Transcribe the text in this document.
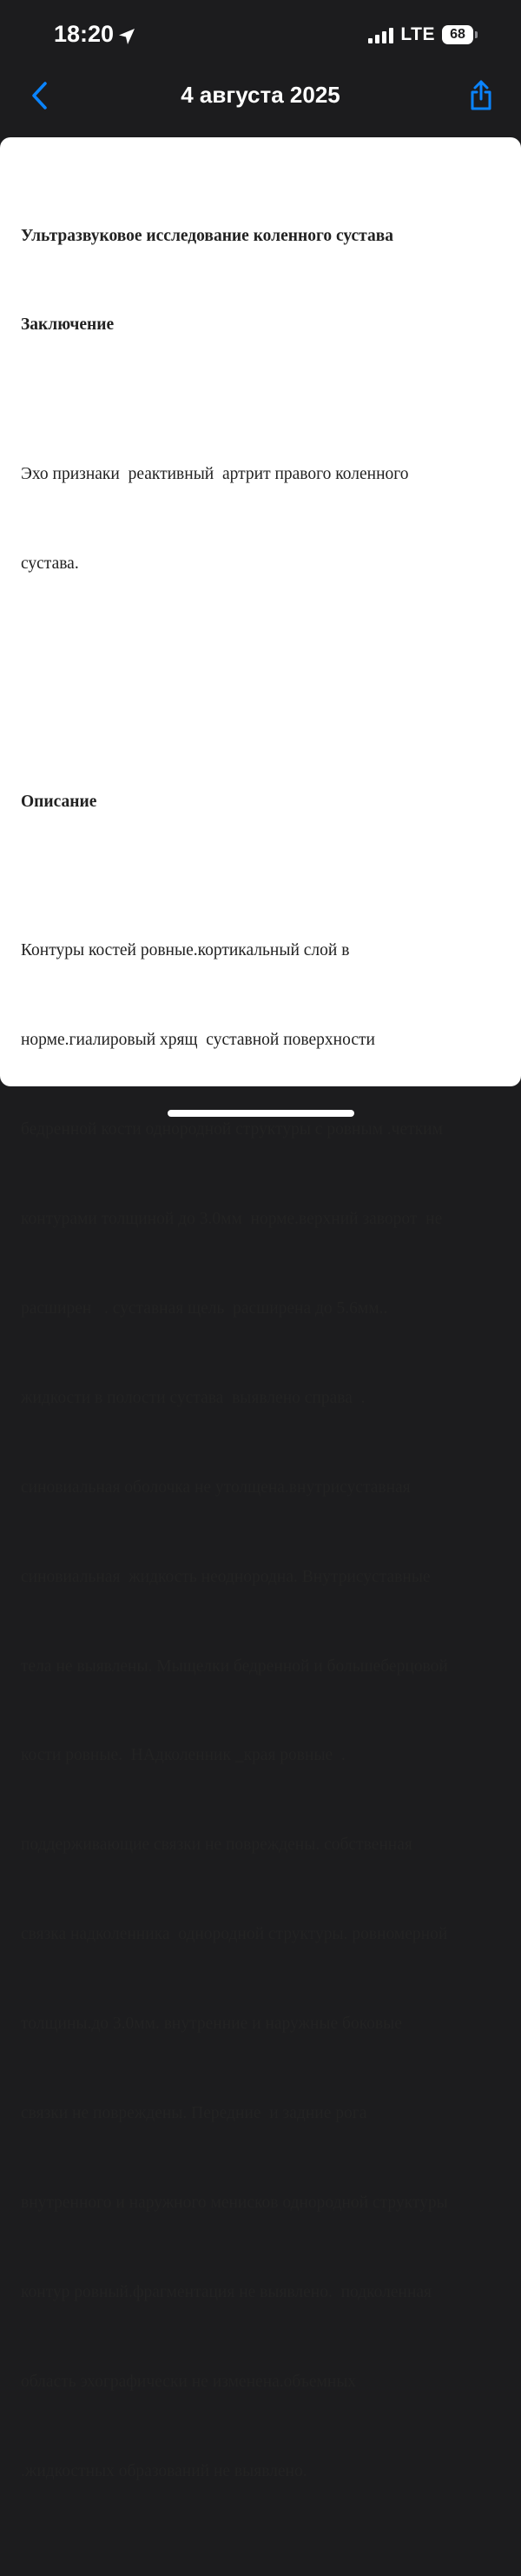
18:20	LTE	68
4 августа 2025

Ультразвуковое исследование коленного сустава

Заключение

Эхо признаки  реактивный  артрит правого коленного

сустава.

Описание

Контуры костей ровные.кортикальный слой в

норме.гиалировый хрящ  суставной поверхности

бедренной кости однородной структуры с ровным .четким

контурами толщиной до 3.0мм  норме.верхний заворот  не

расширен   . суставная щель  расширена до 5.6мм..

жидкости в полости сустава  выявлено справа  .

синовиальная оболочка не утолщена.внутрисуставная

синовиальная  жидкость неоднородна. Внутрисуставные

тела не выявлены. Мыщелки бедренной и большеберцовой

кости ровные.  НАдколенник _края ровные  .

поддерживающие связки не повреждены. собственная

связка надколенника  однородной структуры. ровномерной

толщины.до 3.0мм. внутренние и наружные боковые

связки не повреждены. Передние  и задние рога

внутренного и наружного менисков однородной структуры

контур ровный.фрагментация не выявлено.  подколенная

область эхографически не изменена.объемных

.жидкостных образований не выявлено.
